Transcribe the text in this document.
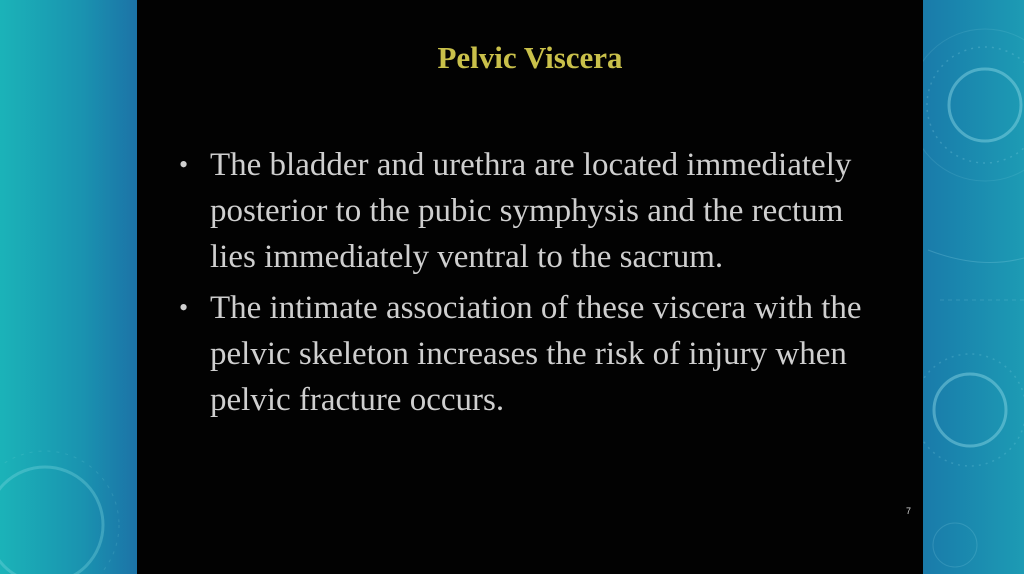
Pelvic Viscera
• The bladder and urethra are located immediately posterior to the pubic symphysis and the rectum lies immediately ventral to the sacrum.
• The intimate association of these viscera with the pelvic skeleton increases the risk of injury when pelvic fracture occurs.
7
